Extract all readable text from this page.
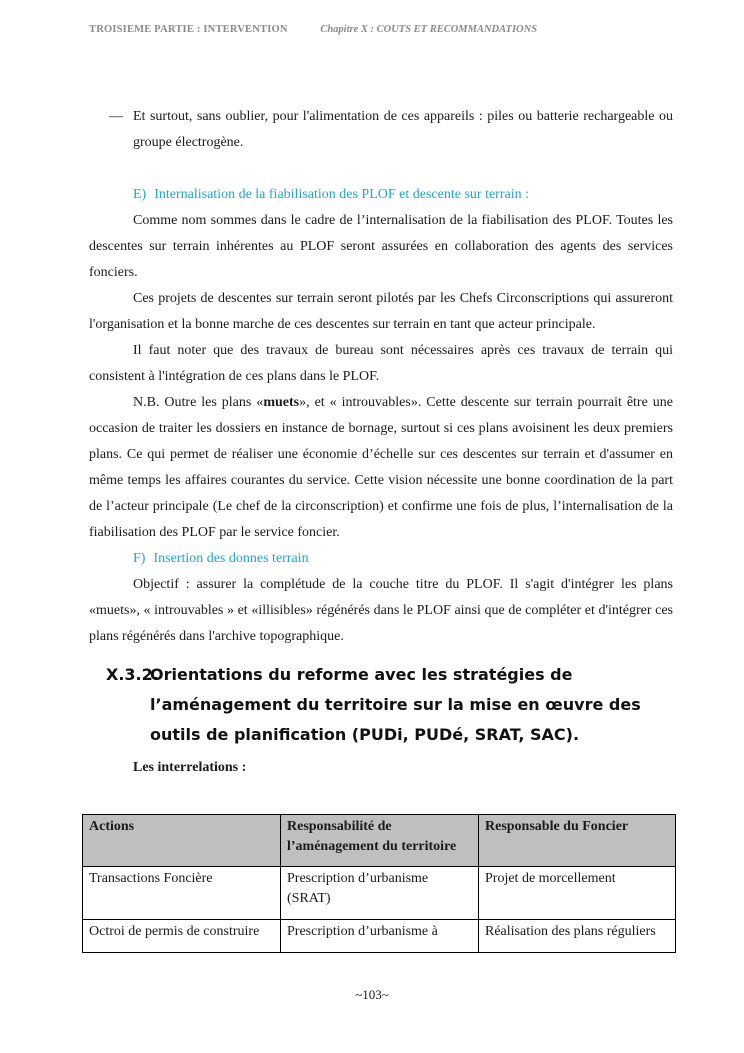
TROISIEME PARTIE : INTERVENTION	Chapitre X : COUTS ET RECOMMANDATIONS

— Et surtout, sans oublier, pour l'alimentation de ces appareils : piles ou batterie rechargeable ou groupe électrogène.

E) Internalisation de la fiabilisation des PLOF et descente sur terrain :

Comme nom sommes dans le cadre de l’internalisation de la fiabilisation des PLOF. Toutes les descentes sur terrain inhérentes au PLOF seront assurées en collaboration des agents des services fonciers.

Ces projets de descentes sur terrain seront pilotés par les Chefs Circonscriptions qui assureront l'organisation et la bonne marche de ces descentes sur terrain en tant que acteur principale.

Il faut noter que des travaux de bureau sont nécessaires après ces travaux de terrain qui consistent à l'intégration de ces plans dans le PLOF.

N.B. Outre les plans «muets», et « introuvables». Cette descente sur terrain pourrait être une occasion de traiter les dossiers en instance de bornage, surtout si ces plans avoisinent les deux premiers plans. Ce qui permet de réaliser une économie d’échelle sur ces descentes sur terrain et d'assumer en même temps les affaires courantes du service. Cette vision nécessite une bonne coordination de la part de l’acteur principale (Le chef de la circonscription) et confirme une fois de plus, l’internalisation de la fiabilisation des PLOF par le service foncier.

F) Insertion des donnes terrain

Objectif : assurer la complétude de la couche titre du PLOF. Il s'agit d'intégrer les plans «muets», « introuvables » et «illisibles» régénérés dans le PLOF ainsi que de compléter et d'intégrer ces plans régénérés dans l'archive topographique.

X.3.2.Orientations du reforme avec les stratégies de l’aménagement du territoire sur la mise en œuvre des outils de planification (PUDi, PUDé, SRAT, SAC).

Les interrelations :

Actions	Responsabilité de l’aménagement du territoire	Responsable du Foncier
Transactions Foncière	Prescription d’urbanisme (SRAT)	Projet de morcellement
Octroi de permis de construire	Prescription d’urbanisme à	Réalisation des plans réguliers
~103~
